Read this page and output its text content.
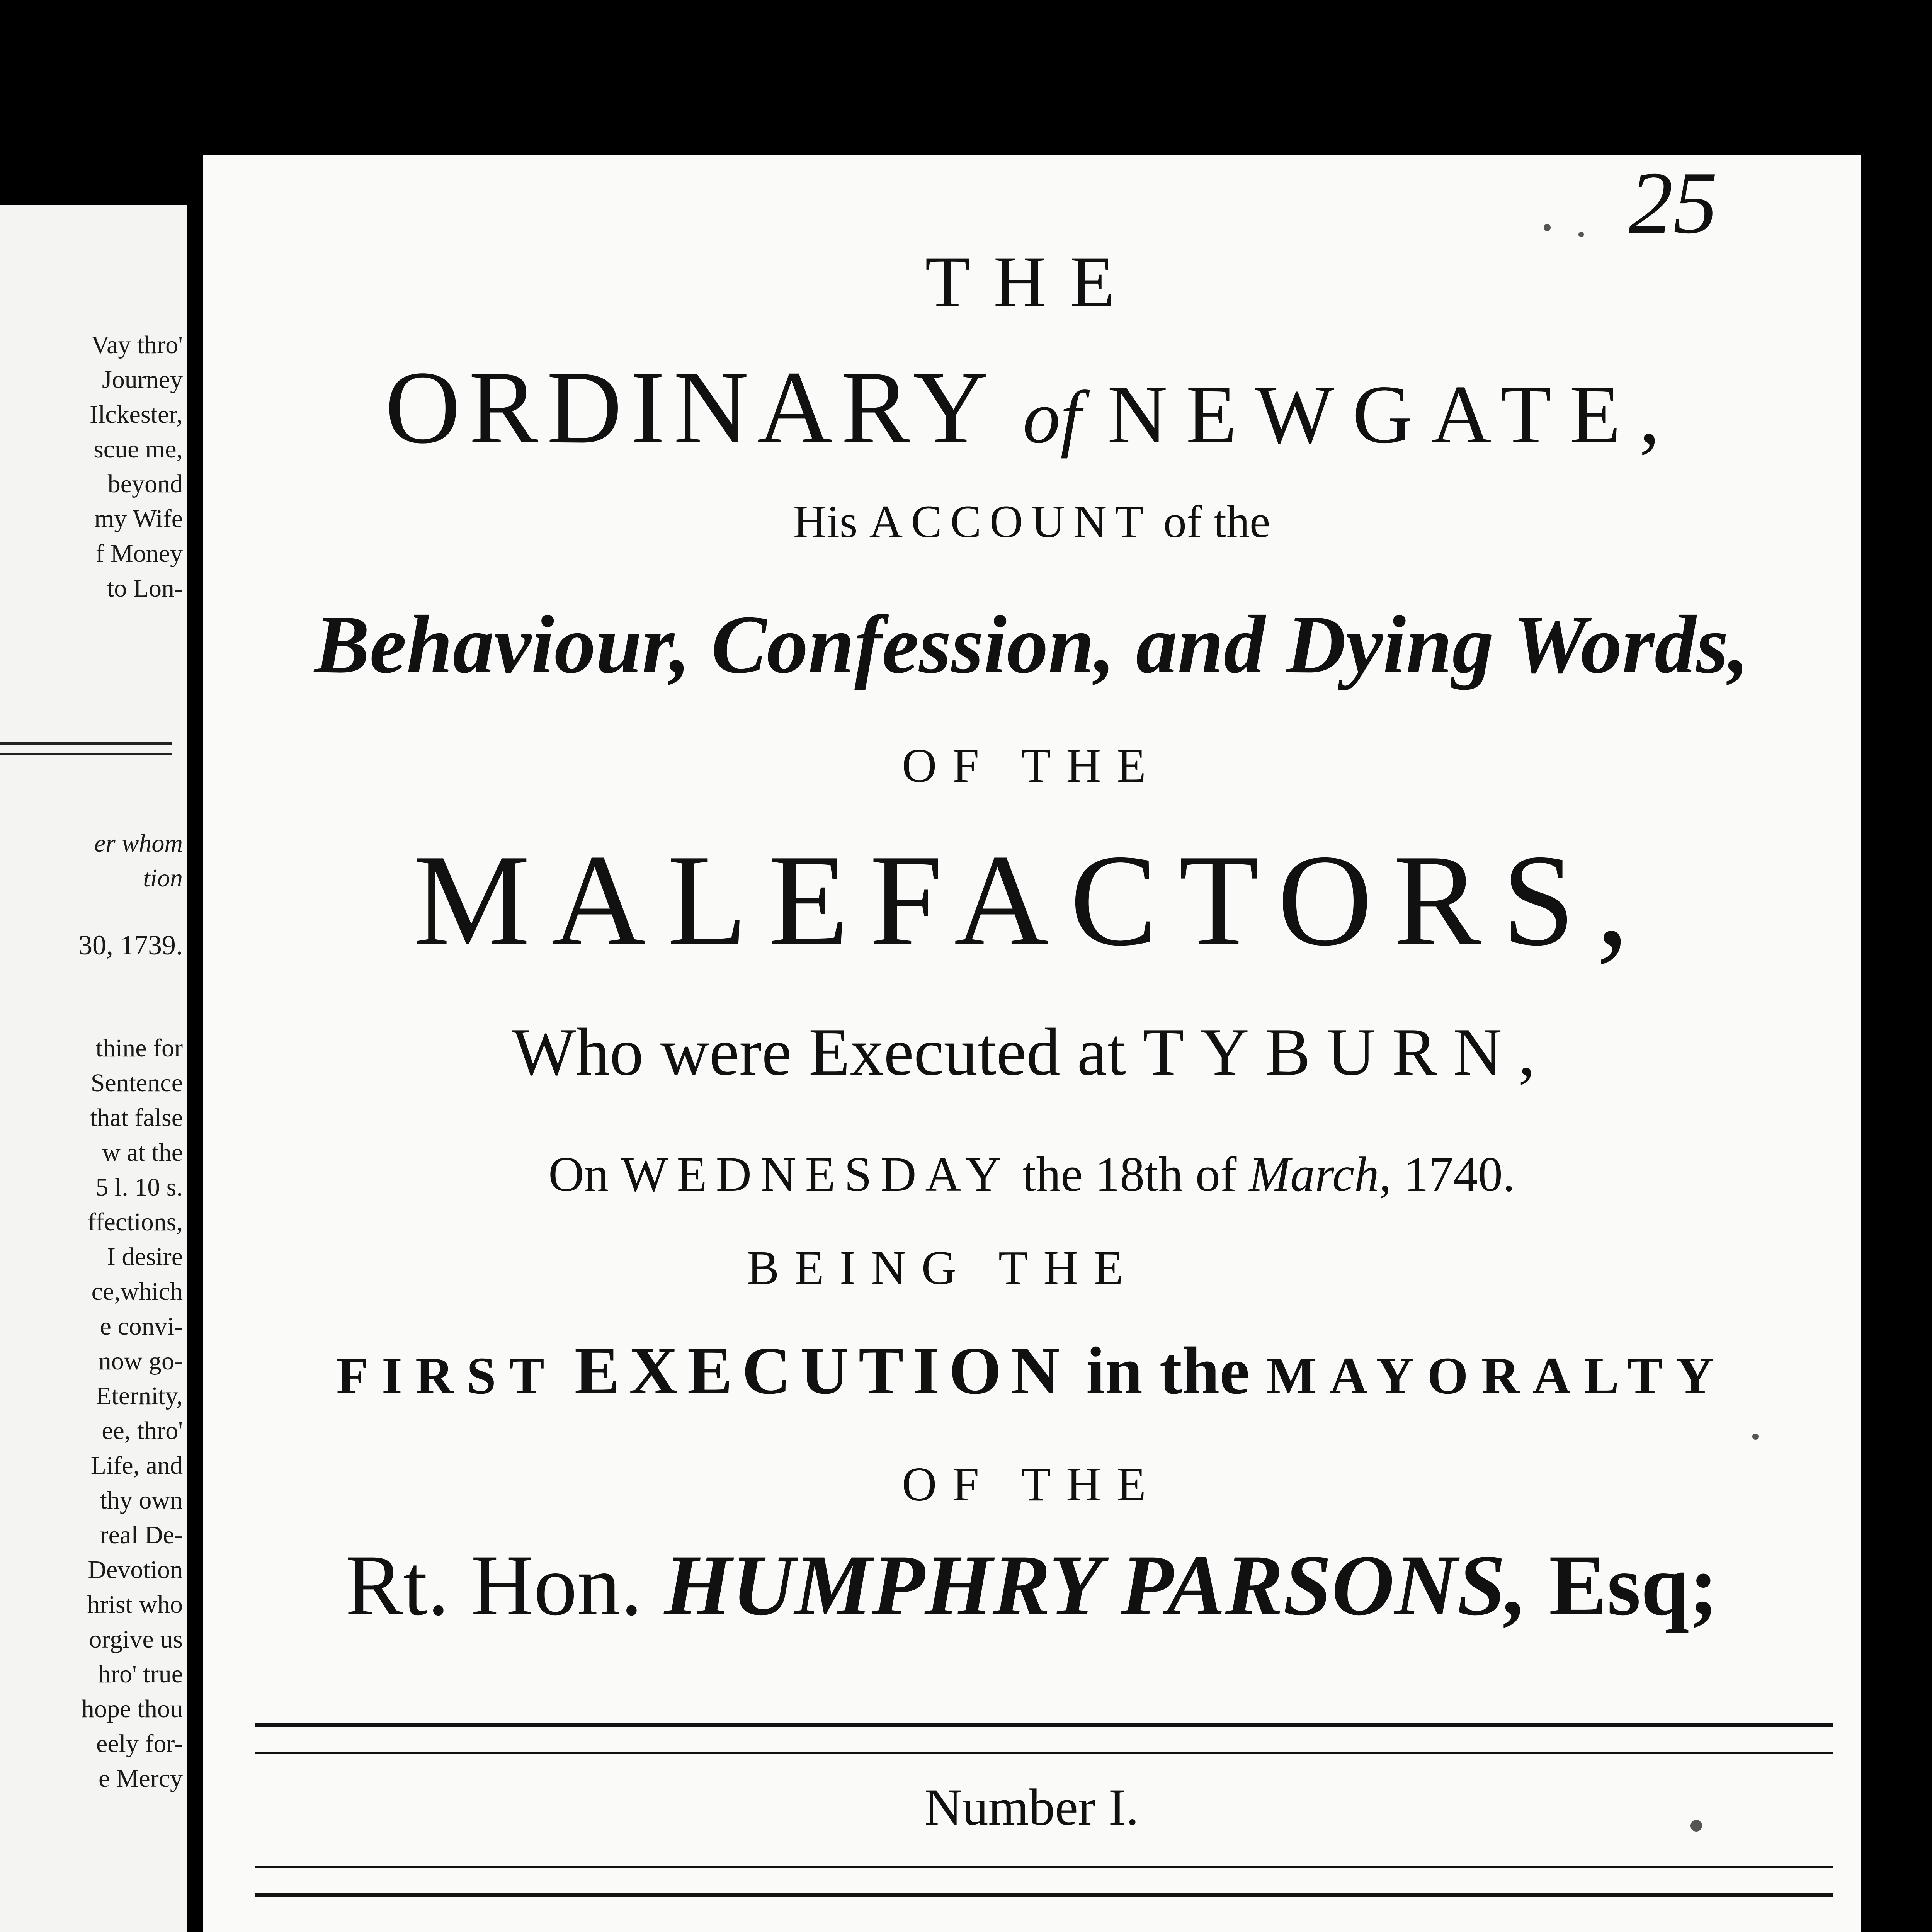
Vay thro'
Journey
Ilckester,
scue me,
beyond
my Wife
f Money
to Lon-
er whom
tion
30, 1739.
thine for
Sentence
that false
w at the
5 l. 10 s.
ffections,
I desire
ce,which
e convi-
now go-
Eternity,
ee, thro'
Life, and
thy own
real De-
Devotion
hrist who
orgive us
hro' true
hope thou
eely for-
e Mercy
25
THE
ORDINARY of NEWGATE,
His ACCOUNT of the
Behaviour, Confession, and Dying Words,
OF THE
MALEFACTORS,
Who were Executed at TYBURN,
On WEDNESDAY the 18th of March, 1740.
BEING THE
FIRST EXECUTION in the MAYORALTY
OF THE
Rt. Hon. HUMPHRY PARSONS, Esq;
Number I.
